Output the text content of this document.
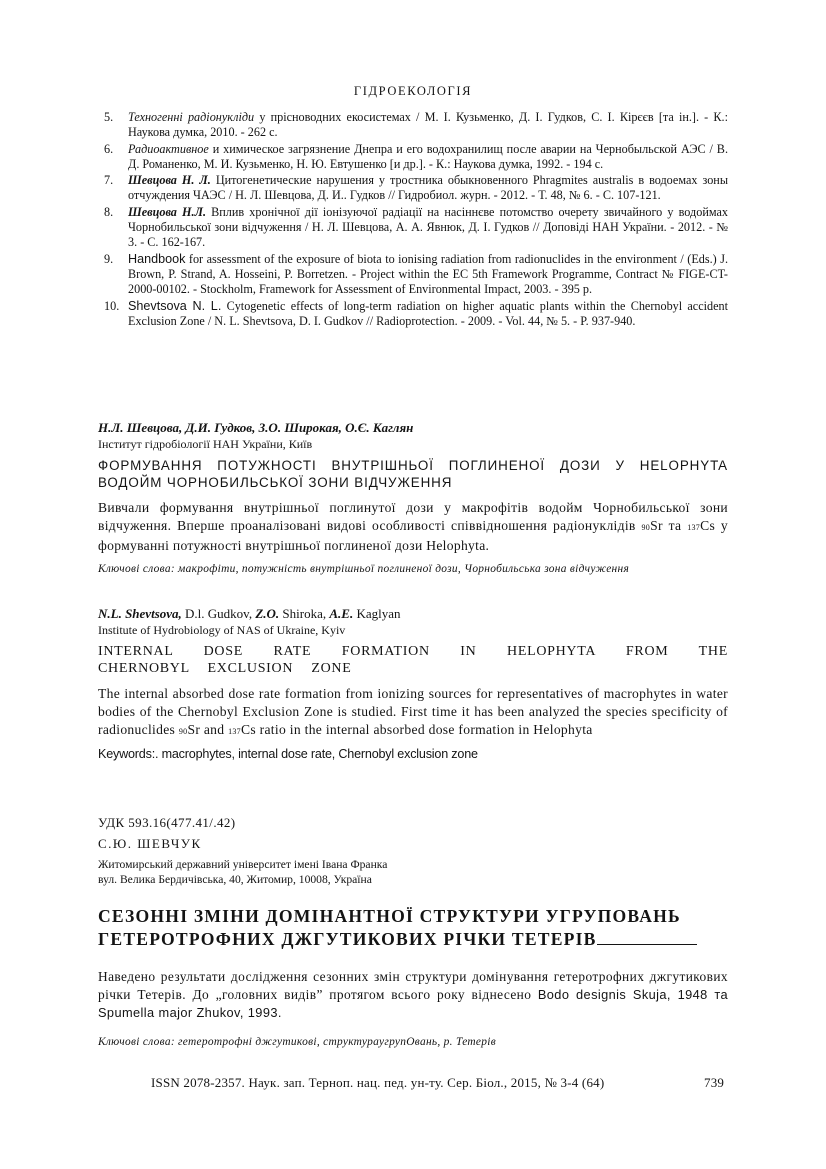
ГІДРОЕКОЛОГІЯ
5. Техногенні радіонукліди у прісноводних екосистемах / М. І. Кузьменко, Д. І. Гудков, С. І. Кірєєв [та ін.]. - К.: Наукова думка, 2010. - 262 с.
6. Радиоактивное и химическое загрязнение Днепра и его водохранилищ после аварии на Чернобыльской АЭС / В. Д. Романенко, М. И. Кузьменко, Н. Ю. Евтушенко [и др.]. - К.: Наукова думка, 1992. - 194 с.
7. Шевцова Н. Л. Цитогенетические нарушения у тростника обыкновенного Phragmites australis в водоемах зоны отчуждения ЧАЭС / Н. Л. Шевцова, Д. И.. Гудков // Гидробиол. журн. - 2012. - Т. 48, № 6. - С. 107-121.
8. Шевцова Н.Л. Вплив хронічної дії іонізуючої радіації на насіннєве потомство очерету звичайного у водоймах Чорнобильської зони відчуження / Н. Л. Шевцова, А. А. Явнюк, Д. І. Гудков // Доповіді НАН України. - 2012. - № 3. - С. 162-167.
9. Handbook for assessment of the exposure of biota to ionising radiation from radionuclides in the environment / (Eds.) J. Brown, P. Strand, A. Hosseini, P. Borretzen. - Project within the EC 5th Framework Programme, Contract № FIGE-CT-2000-00102. - Stockholm, Framework for Assessment of Environmental Impact, 2003. - 395 p.
10. Shevtsova N. L. Cytogenetic effects of long-term radiation on higher aquatic plants within the Chernobyl accident Exclusion Zone / N. L. Shevtsova, D. I. Gudkov // Radioprotection. - 2009. - Vol. 44, № 5. - P. 937-940.
Н.Л. Шевцова, Д.И. Гудков, З.О. Широкая, О.Є. Каглян
Інститут гідробіології НАН України, Київ
ФОРМУВАННЯ ПОТУЖНОСТІ ВНУТРІШНЬОЇ ПОГЛИНЕНОЇ ДОЗИ У HELOPHYTA ВОДОЙМ ЧОРНОБИЛЬСЬКОЇ ЗОНИ ВІДЧУЖЕННЯ
Вивчали формування внутрішньої поглинутої дози у макрофітів водойм Чорнобильської зони відчуження. Вперше проаналізовані видові особливості співвідношення радіонуклідів 90Sr та 137Cs у формуванні потужності внутрішньої поглиненої дози Helophyta.
Ключові слова: макрофіти, потужність внутрішньої поглиненої дози, Чорнобильська зона відчуження
N.L. Shevtsova, D.l. Gudkov, Z.O. Shiroka, A.E. Kaglyan
Institute of Hydrobiology of NAS of Ukraine, Kyiv
INTERNAL DOSE RATE FORMATION IN HELOPHYTA FROM THE CHERNOBYL EXCLUSION ZONE
The internal absorbed dose rate formation from ionizing sources for representatives of macrophytes in water bodies of the Chernobyl Exclusion Zone is studied. First time it has been analyzed the species specificity of radionuclides 90Sr and 137Cs ratio in the internal absorbed dose formation in Helophyta
Keywords:. macrophytes, internal dose rate, Chernobyl exclusion zone
УДК 593.16(477.41/.42)
С.Ю. ШЕВЧУК
Житомирський державний університет імені Івана Франка
вул. Велика Бердичівська, 40, Житомир, 10008, Україна
СЕЗОННІ ЗМІНИ ДОМІНАНТНОЇ СТРУКТУРИ УГРУПОВАНЬ
ГЕТЕРОТРОФНИХ ДЖГУТИКОВИХ РІЧКИ ТЕТЕРІВ
Наведено результати дослідження сезонних змін структури домінування гетеротрофних джгутикових річки Тетерів. До „головних видів” протягом всього року віднесено Bodo designis Skuja, 1948 та Spumella major Zhukov, 1993.
Ключові слова: гетеротрофні джгутикові, структураугрупОвань, р. Тетерів
ISSN 2078-2357. Наук. зап. Терноп. нац. пед. ун-ту. Сер. Біол., 2015, № 3-4 (64)	739
